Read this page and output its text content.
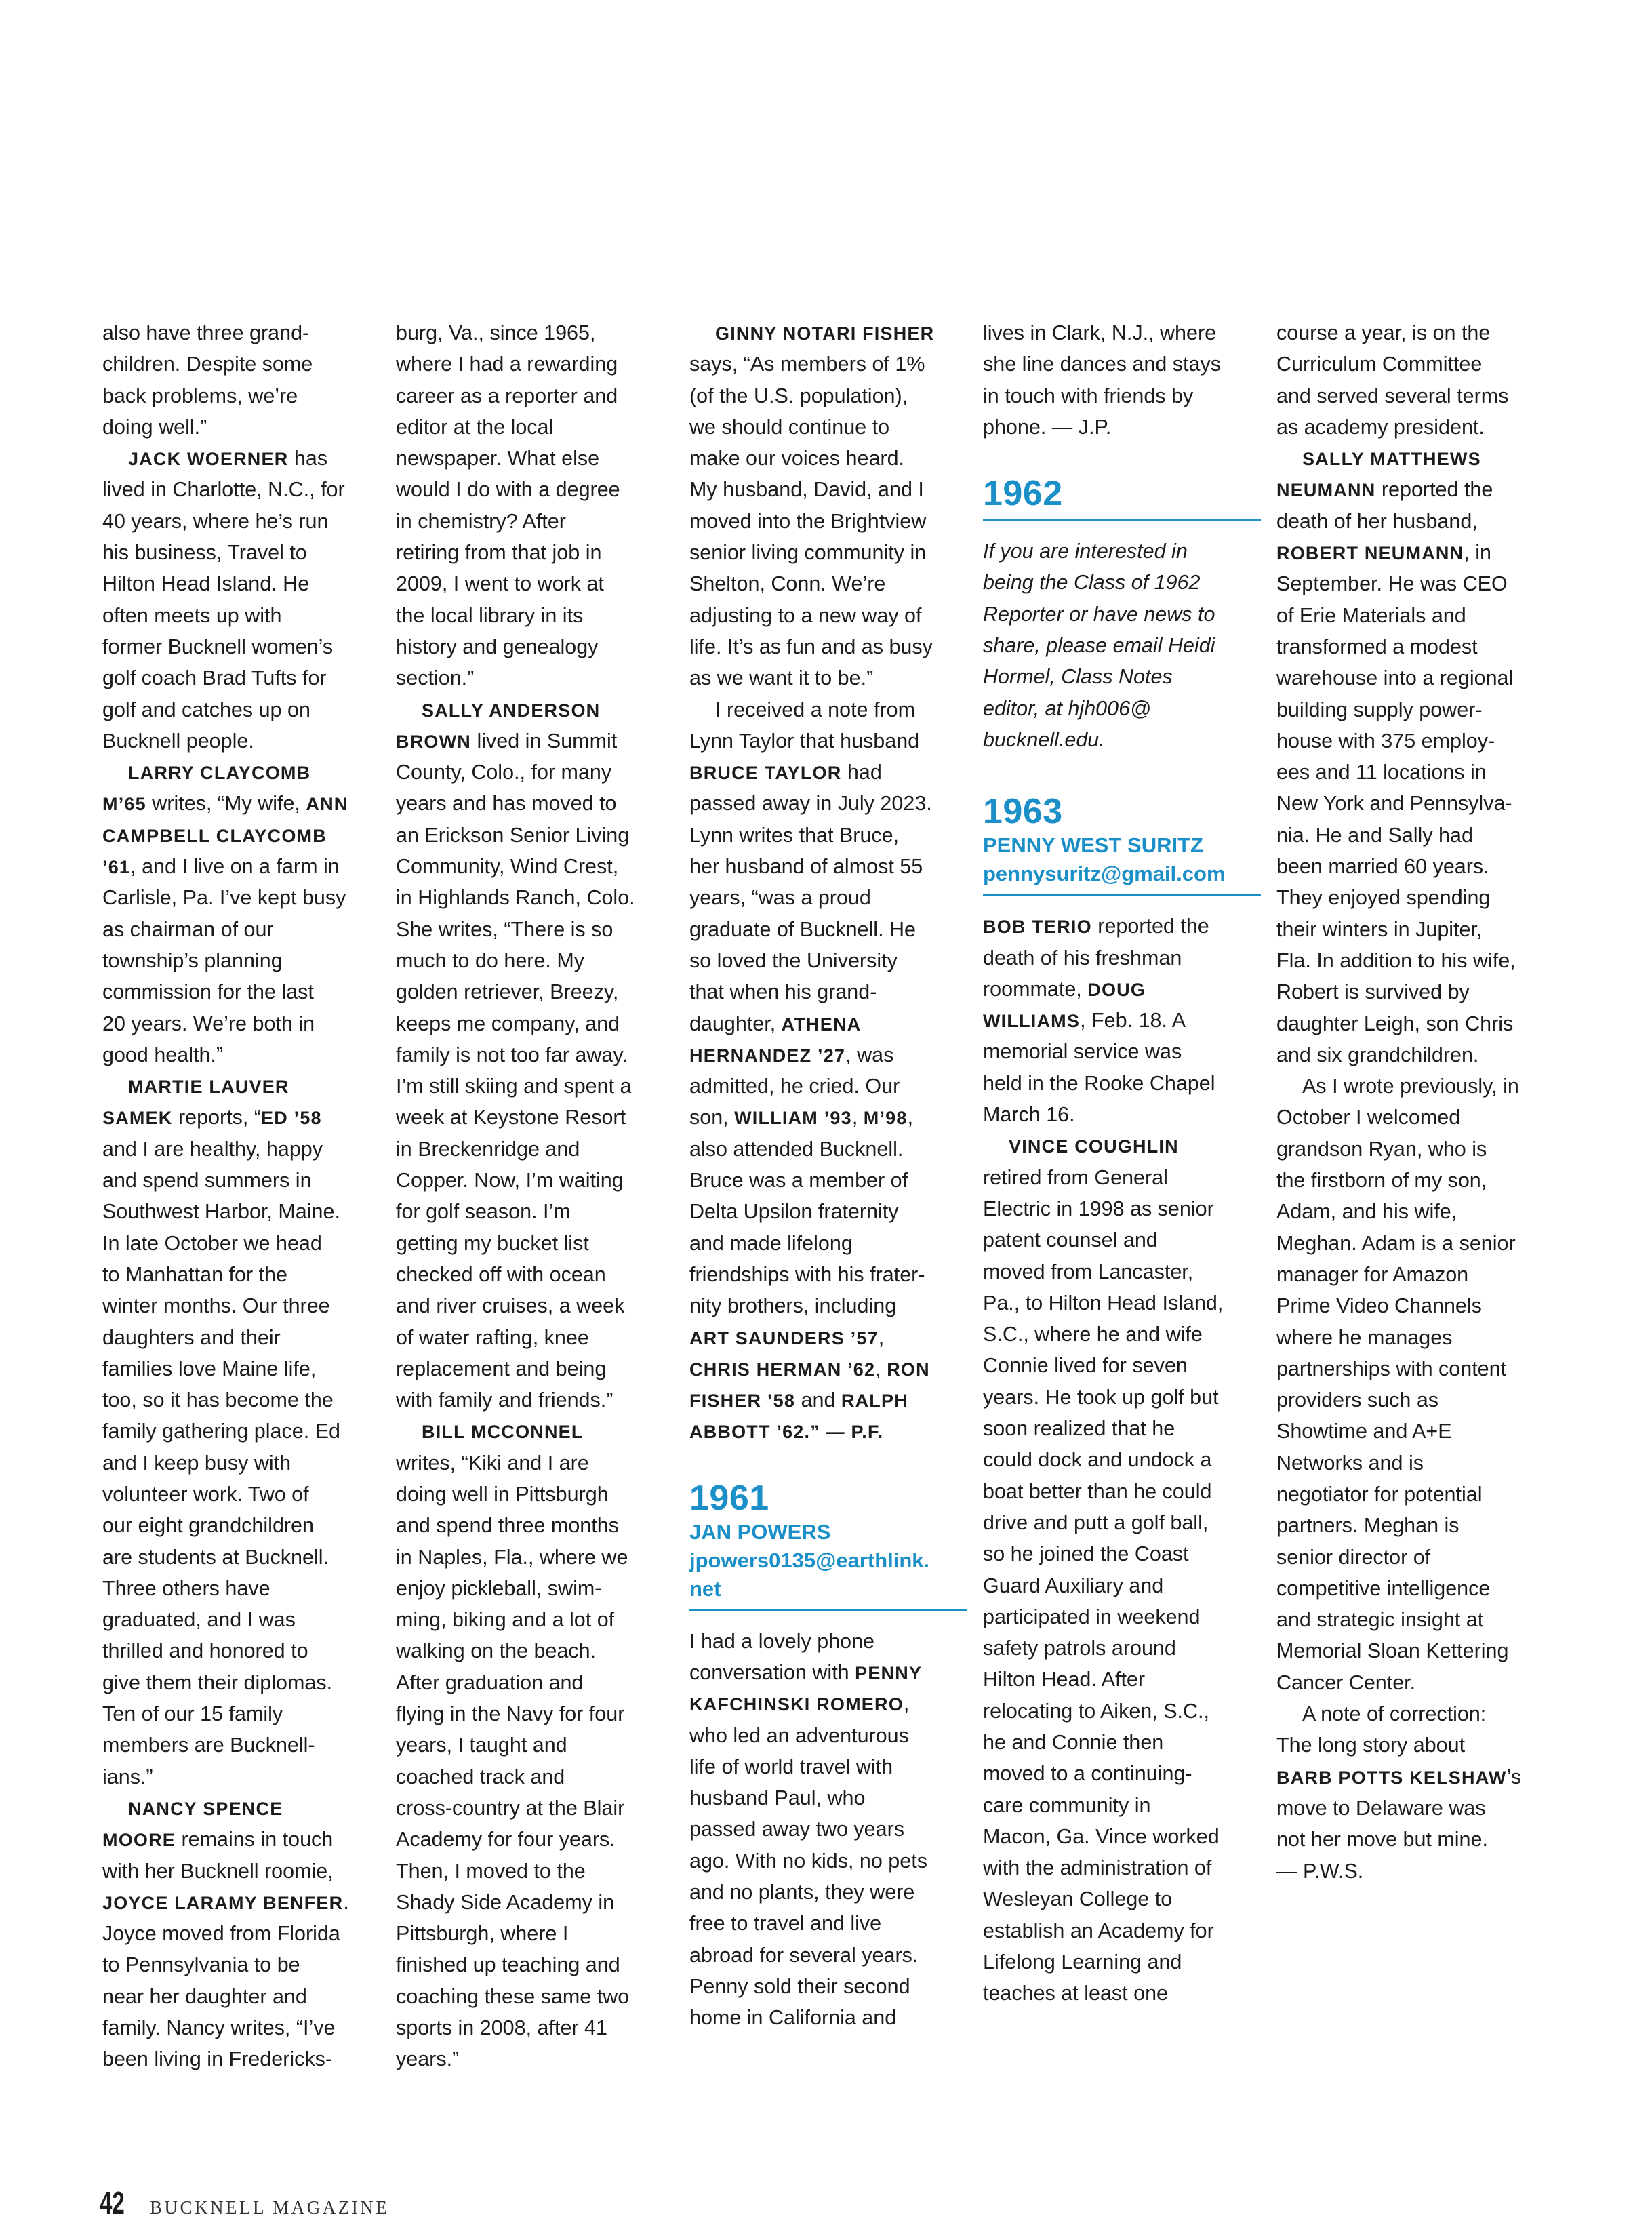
also have three grand-
children. Despite some
back problems, we’re
doing well.”
JACK WOERNER has
lived in Charlotte, N.C., for
40 years, where he’s run
his business, Travel to
Hilton Head Island. He
often meets up with
former Bucknell women’s
golf coach Brad Tufts for
golf and catches up on
Bucknell people.
LARRY CLAYCOMB
M’65 writes, “My wife, ANN
CAMPBELL CLAYCOMB
’61, and I live on a farm in
Carlisle, Pa. I’ve kept busy
as chairman of our
township’s planning
commission for the last
20 years. We’re both in
good health.”
MARTIE LAUVER
SAMEK reports, “ED ’58
and I are healthy, happy
and spend summers in
Southwest Harbor, Maine.
In late October we head
to Manhattan for the
winter months. Our three
daughters and their
families love Maine life,
too, so it has become the
family gathering place. Ed
and I keep busy with
volunteer work. Two of
our eight grandchildren
are students at Bucknell.
Three others have
graduated, and I was
thrilled and honored to
give them their diplomas.
Ten of our 15 family
members are Bucknell-
ians.”
NANCY SPENCE
MOORE remains in touch
with her Bucknell roomie,
JOYCE LARAMY BENFER.
Joyce moved from Florida
to Pennsylvania to be
near her daughter and
family. Nancy writes, “I’ve
been living in Fredericks-
burg, Va., since 1965,
where I had a rewarding
career as a reporter and
editor at the local
newspaper. What else
would I do with a degree
in chemistry? After
retiring from that job in
2009, I went to work at
the local library in its
history and genealogy
section.”
SALLY ANDERSON
BROWN lived in Summit
County, Colo., for many
years and has moved to
an Erickson Senior Living
Community, Wind Crest,
in Highlands Ranch, Colo.
She writes, “There is so
much to do here. My
golden retriever, Breezy,
keeps me company, and
family is not too far away.
I’m still skiing and spent a
week at Keystone Resort
in Breckenridge and
Copper. Now, I’m waiting
for golf season. I’m
getting my bucket list
checked off with ocean
and river cruises, a week
of water rafting, knee
replacement and being
with family and friends.”
BILL MCCONNEL
writes, “Kiki and I are
doing well in Pittsburgh
and spend three months
in Naples, Fla., where we
enjoy pickleball, swim-
ming, biking and a lot of
walking on the beach.
After graduation and
flying in the Navy for four
years, I taught and
coached track and
cross-country at the Blair
Academy for four years.
Then, I moved to the
Shady Side Academy in
Pittsburgh, where I
finished up teaching and
coaching these same two
sports in 2008, after 41
years.”
GINNY NOTARI FISHER
says, “As members of 1%
(of the U.S. population),
we should continue to
make our voices heard.
My husband, David, and I
moved into the Brightview
senior living community in
Shelton, Conn. We’re
adjusting to a new way of
life. It’s as fun and as busy
as we want it to be.”
I received a note from
Lynn Taylor that husband
BRUCE TAYLOR had
passed away in July 2023.
Lynn writes that Bruce,
her husband of almost 55
years, “was a proud
graduate of Bucknell. He
so loved the University
that when his grand-
daughter, ATHENA
HERNANDEZ ’27, was
admitted, he cried. Our
son, WILLIAM ’93, M’98,
also attended Bucknell.
Bruce was a member of
Delta Upsilon fraternity
and made lifelong
friendships with his frater-
nity brothers, including
ART SAUNDERS ’57,
CHRIS HERMAN ’62, RON
FISHER ’58 and RALPH
ABBOTT ’62.” — P.F.
1961
JAN POWERS
jpowers0135@earthlink.
net
I had a lovely phone
conversation with PENNY
KAFCHINSKI ROMERO,
who led an adventurous
life of world travel with
husband Paul, who
passed away two years
ago. With no kids, no pets
and no plants, they were
free to travel and live
abroad for several years.
Penny sold their second
home in California and
lives in Clark, N.J., where
she line dances and stays
in touch with friends by
phone. — J.P.
1962
If you are interested in
being the Class of 1962
Reporter or have news to
share, please email Heidi
Hormel, Class Notes
editor, at hjh006@
bucknell.edu.
1963
PENNY WEST SURITZ
pennysuritz@gmail.com
BOB TERIO reported the
death of his freshman
roommate, DOUG
WILLIAMS, Feb. 18. A
memorial service was
held in the Rooke Chapel
March 16.
VINCE COUGHLIN
retired from General
Electric in 1998 as senior
patent counsel and
moved from Lancaster,
Pa., to Hilton Head Island,
S.C., where he and wife
Connie lived for seven
years. He took up golf but
soon realized that he
could dock and undock a
boat better than he could
drive and putt a golf ball,
so he joined the Coast
Guard Auxiliary and
participated in weekend
safety patrols around
Hilton Head. After
relocating to Aiken, S.C.,
he and Connie then
moved to a continuing-
care community in
Macon, Ga. Vince worked
with the administration of
Wesleyan College to
establish an Academy for
Lifelong Learning and
teaches at least one
course a year, is on the
Curriculum Committee
and served several terms
as academy president.
SALLY MATTHEWS
NEUMANN reported the
death of her husband,
ROBERT NEUMANN, in
September. He was CEO
of Erie Materials and
transformed a modest
warehouse into a regional
building supply power-
house with 375 employ-
ees and 11 locations in
New York and Pennsylva-
nia. He and Sally had
been married 60 years.
They enjoyed spending
their winters in Jupiter,
Fla. In addition to his wife,
Robert is survived by
daughter Leigh, son Chris
and six grandchildren.
As I wrote previously, in
October I welcomed
grandson Ryan, who is
the firstborn of my son,
Adam, and his wife,
Meghan. Adam is a senior
manager for Amazon
Prime Video Channels
where he manages
partnerships with content
providers such as
Showtime and A+E
Networks and is
negotiator for potential
partners. Meghan is
senior director of
competitive intelligence
and strategic insight at
Memorial Sloan Kettering
Cancer Center.
A note of correction:
The long story about
BARB POTTS KELSHAW’s
move to Delaware was
not her move but mine.
— P.W.S.
42 BUCKNELL MAGAZINE
